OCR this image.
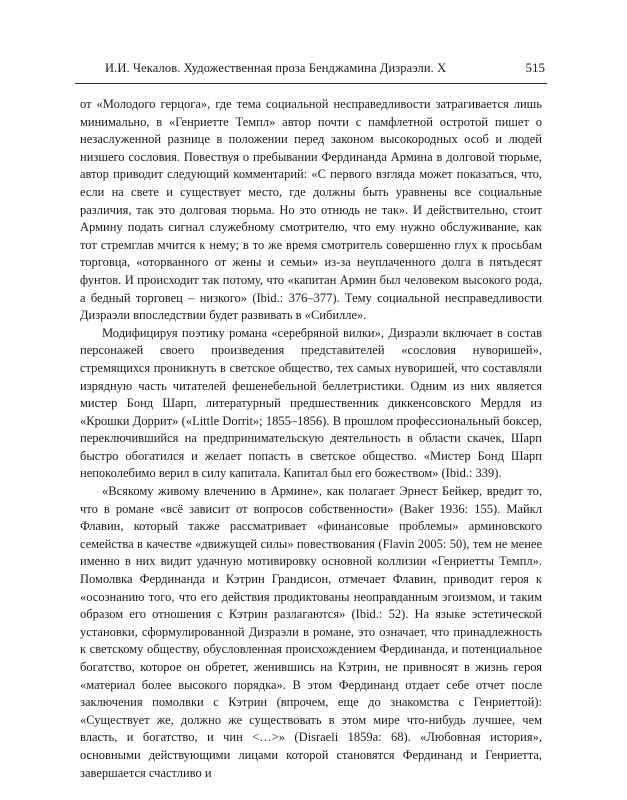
И.И. Чекалов. Художественная проза Бенджамина Дизраэли. X	515

от «Молодого герцога», где тема социальной несправедливости затрагивается лишь минимально, в «Генриетте Темпл» автор почти с памфлетной остротой пишет о незаслуженной разнице в положении перед законом высокородных особ и людей низшего сословия. Повествуя о пребывании Фердинанда Армина в долговой тюрьме, автор приводит следующий комментарий: «С первого взгляда может показаться, что, если на свете и существует место, где должны быть уравнены все социальные различия, так это долговая тюрьма. Но это отнюдь не так». И действительно, стоит Армину подать сигнал служебному смотрителю, что ему нужно обслуживание, как тот стремглав мчится к нему; в то же время смотритель совершенно глух к просьбам торговца, «оторванного от жены и семьи» из-за неуплаченного долга в пятьдесят фунтов. И происходит так потому, что «капитан Армин был человеком высокого рода, а бедный торговец – низкого» (Ibid.: 376–377). Тему социальной несправедливости Дизраэли впоследствии будет развивать в «Сибилле».

Модифицируя поэтику романа «серебряной вилки», Дизраэли включает в состав персонажей своего произведения представителей «сословия нуворишей», стремящихся проникнуть в светское общество, тех самых нуворишей, что составляли изрядную часть читателей фешенебельной беллетристики. Одним из них является мистер Бонд Шарп, литературный предшественник диккенсовского Мердля из «Крошки Доррит» («Little Dorrit»; 1855–1856). В прошлом профессиональный боксер, переключившийся на предпринимательскую деятельность в области скачек, Шарп быстро обогатился и желает попасть в светское общество. «Мистер Бонд Шарп непоколебимо верил в силу капитала. Капитал был его божеством» (Ibid.: 339).

«Всякому живому влечению в Армине», как полагает Эрнест Бейкер, вредит то, что в романе «всё зависит от вопросов собственности» (Baker 1936: 155). Майкл Флавин, который также рассматривает «финансовые проблемы» арминовского семейства в качестве «движущей силы» повествования (Flavin 2005: 50), тем не менее именно в них видит удачную мотивировку основной коллизии «Генриетты Темпл». Помолвка Фердинанда и Кэтрин Грандисон, отмечает Флавин, приводит героя к «осознанию того, что его действия продиктованы неоправданным эгоизмом, и таким образом его отношения с Кэтрин разлагаются» (Ibid.: 52). На языке эстетической установки, сформулированной Дизраэли в романе, это означает, что принадлежность к светскому обществу, обусловленная происхождением Фердинанда, и потенциальное богатство, которое он обретет, женившись на Кэтрин, не привносят в жизнь героя «материал более высокого порядка». В этом Фердинанд отдает себе отчет после заключения помолвки с Кэтрин (впрочем, еще до знакомства с Генриеттой): «Существует же, должно же существовать в этом мире что-нибудь лучшее, чем власть, и богатство, и чин <…>» (Disraeli 1859a: 68). «Любовная история», основными действующими лицами которой становятся Фердинанд и Генриетта, завершается счастливо и
